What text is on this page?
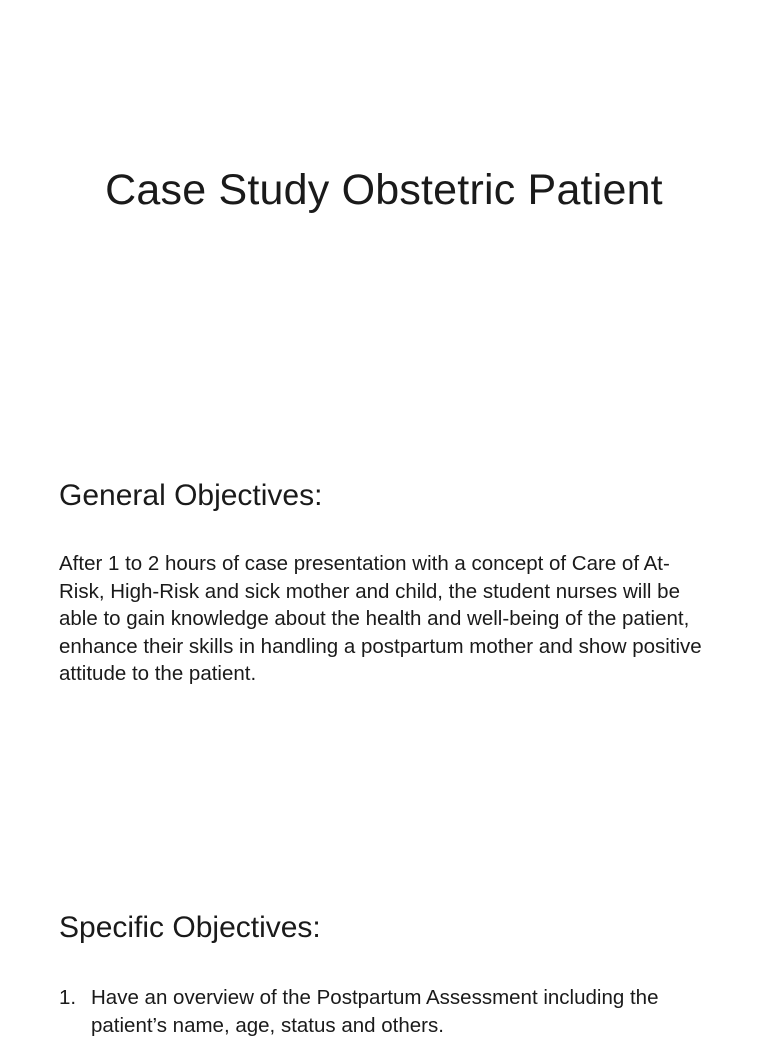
Case Study Obstetric Patient
General Objectives:

After 1 to 2 hours of case presentation with a concept of Care of At-Risk, High-Risk and sick mother and child, the student nurses will be able to gain knowledge about the health and well-being of the patient, enhance their skills in handling a postpartum mother and show positive attitude to the patient.

Specific Objectives:
1. Have an overview of the Postpartum Assessment including the patient’s name, age, status and others.
